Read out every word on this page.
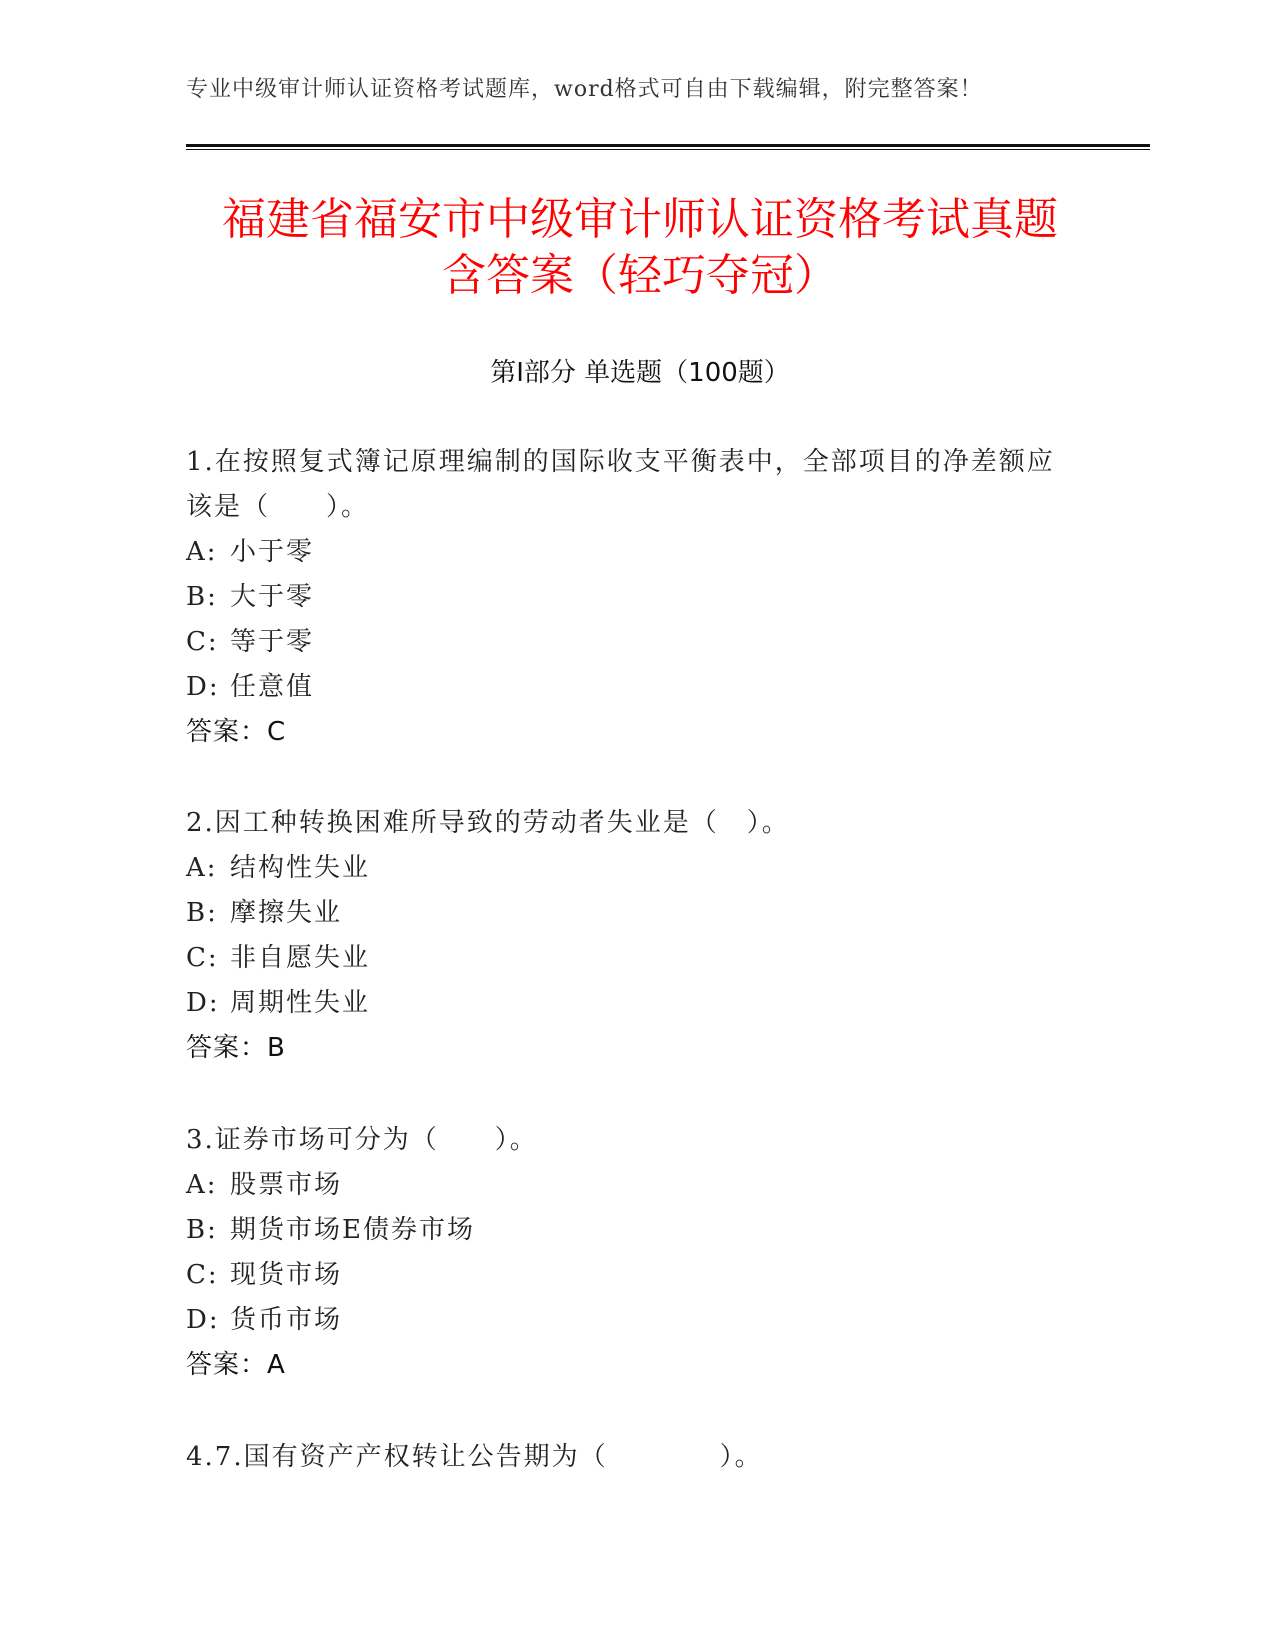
专业中级审计师认证资格考试题库，word格式可自由下载编辑，附完整答案！
福建省福安市中级审计师认证资格考试真题
含答案（轻巧夺冠）
第Ⅰ部分 单选题（100题）

1.在按照复式簿记原理编制的国际收支平衡表中，全部项目的净差额应该是（　　）。

A: 小于零

B: 大于零

C: 等于零

D: 任意值

答案：C

2.因工种转换困难所导致的劳动者失业是（　）。

A: 结构性失业

B: 摩擦失业

C: 非自愿失业

D: 周期性失业

答案：B

3.证券市场可分为（　　）。

A: 股票市场

B: 期货市场E债券市场

C: 现货市场

D: 货币市场

答案：A

4.7.国有资产产权转让公告期为（　　　　）。
